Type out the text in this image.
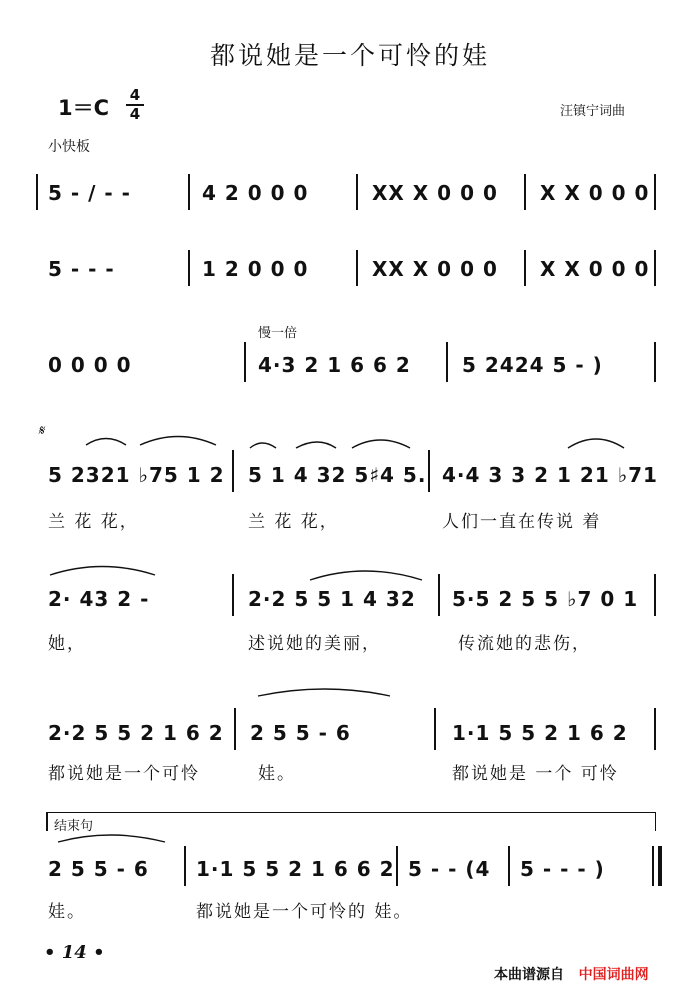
都说她是一个可怜的娃
1＝C
4
4	汪镇宁词曲
小快板
慢一倍
𝄋
5 - / - -	4 2 0 0 0	XX X 0 0 0 X X 0 0 0
5 - - -	1 2 0 0 0	XX X 0 0 0 X X 0 0 0
0 0 0 0	4·3 2 1 6 6 2	5 2424 5 - )
5 2321 ♭75 1 2 5 1 4 32 5♯4 5. 4·4 3 3 2 1 21 ♭71
兰 花 花，	兰 花 花，	人们一直在传说 着
2· 43 2 -	2·2 5 5 1 4 32 5·5 2 5 5 ♭7 0 1
她，	述说她的美丽，	传流她的悲伤，
2·2 5 5 2 1 6 2 2 5 5 - 6	1·1 5 5 2 1 6 2
都说她是一个可怜	娃。	都说她是 一个 可怜
结束句
2 5 5 - 6 1·1 5 5 2 1 6 6 2 5 - - (4 5 - - - )
娃。	都说她是一个可怜的 娃。
• 14 •
本曲谱源自 中国词曲网
